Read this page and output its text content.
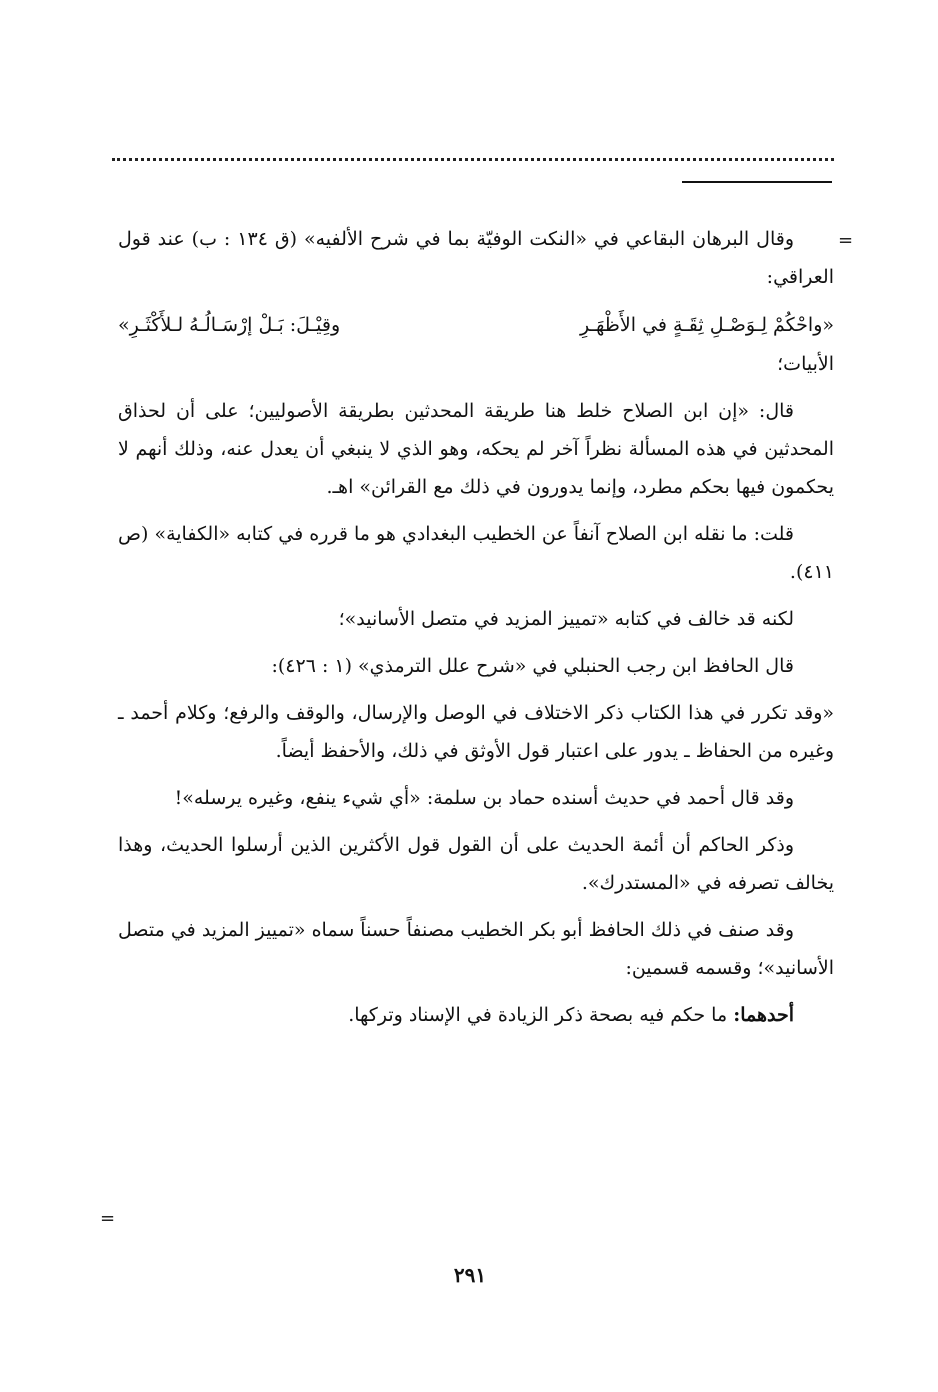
=

وقال البرهان البقاعي في «النكت الوفيّة بما في شرح الألفيه» (ق ١٣٤ : ب) عند قول العراقي:

«واحْكُمْ لِـوَصْـلِ ثِقَـةٍ في الأَظْهَـرِ
وقِيْـلَ: بَـلْ إرْسَـالُـهُ لـلأَكْثَـرِ»

الأبيات؛

قال: «إن ابن الصلاح خلط هنا طريقة المحدثين بطريقة الأصوليين؛ على أن لحذاق المحدثين في هذه المسألة نظراً آخر لم يحكه، وهو الذي لا ينبغي أن يعدل عنه، وذلك أنهم لا يحكمون فيها بحكم مطرد، وإنما يدورون في ذلك مع القرائن» اهـ.

قلت: ما نقله ابن الصلاح آنفاً عن الخطيب البغدادي هو ما قرره في كتابه «الكفاية» (ص ٤١١).

لكنه قد خالف في كتابه «تمييز المزيد في متصل الأسانيد»؛

قال الحافظ ابن رجب الحنبلي في «شرح علل الترمذي» (١ : ٤٢٦):

«وقد تكرر في هذا الكتاب ذكر الاختلاف في الوصل والإرسال، والوقف والرفع؛ وكلام أحمد ـ وغيره من الحفاظ ـ يدور على اعتبار قول الأوثق في ذلك، والأحفظ أيضاً.

وقد قال أحمد في حديث أسنده حماد بن سلمة: «أي شيء ينفع، وغيره يرسله»!

وذكر الحاكم أن أئمة الحديث على أن القول قول الأكثرين الذين أرسلوا الحديث، وهذا يخالف تصرفه في «المستدرك».

وقد صنف في ذلك الحافظ أبو بكر الخطيب مصنفاً حسناً سماه «تمييز المزيد في متصل الأسانيد»؛ وقسمه قسمين:

أحدهما: ما حكم فيه بصحة ذكر الزيادة في الإسناد وتركها.

=
٢٩١
